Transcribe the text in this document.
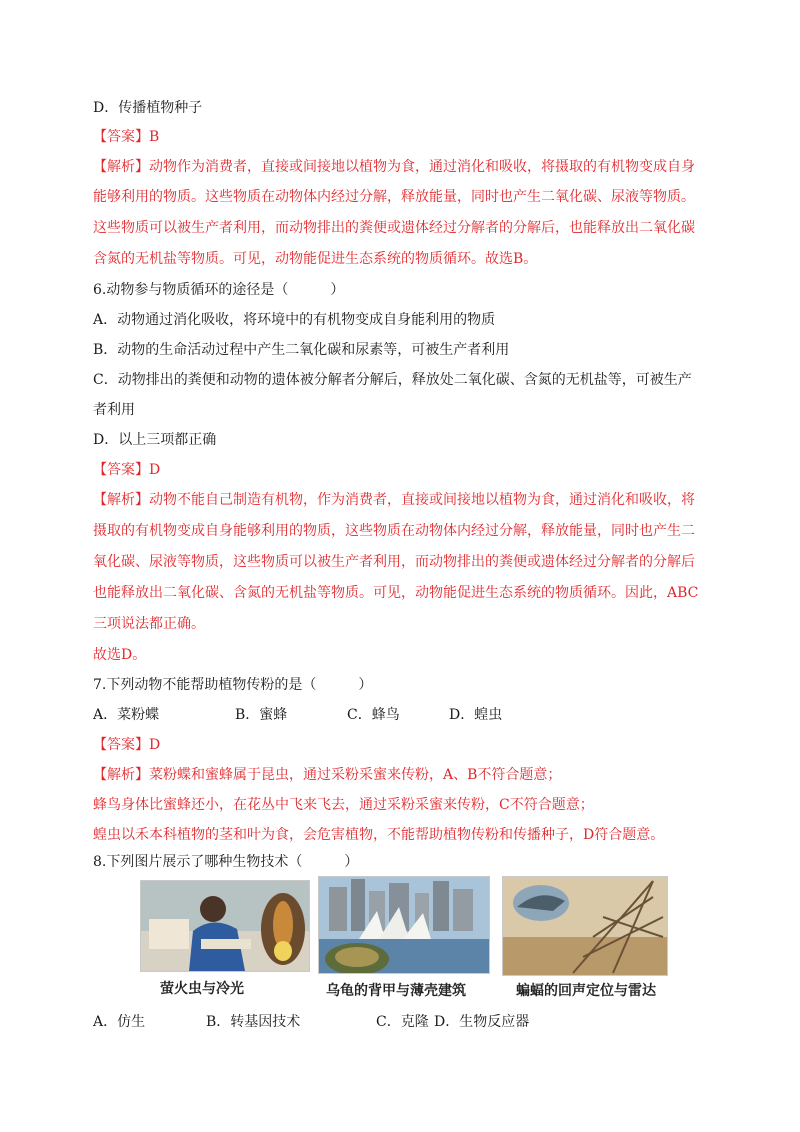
D．传播植物种子
【答案】B
【解析】动物作为消费者，直接或间接地以植物为食，通过消化和吸收，将摄取的有机物变成自身
能够利用的物质。这些物质在动物体内经过分解，释放能量，同时也产生二氧化碳、尿液等物质。
这些物质可以被生产者利用，而动物排出的粪便或遗体经过分解者的分解后，也能释放出二氧化碳
含氮的无机盐等物质。可见，动物能促进生态系统的物质循环。故选B。
6.动物参与物质循环的途径是（　　　）
A．动物通过消化吸收，将环境中的有机物变成自身能利用的物质
B．动物的生命活动过程中产生二氧化碳和尿素等，可被生产者利用
C．动物排出的粪便和动物的遗体被分解者分解后，释放处二氧化碳、含氮的无机盐等，可被生产
者利用
D．以上三项都正确
【答案】D
【解析】动物不能自己制造有机物，作为消费者，直接或间接地以植物为食，通过消化和吸收，将
摄取的有机物变成自身能够利用的物质，这些物质在动物体内经过分解，释放能量，同时也产生二
氧化碳、尿液等物质，这些物质可以被生产者利用，而动物排出的粪便或遗体经过分解者的分解后
也能释放出二氧化碳、含氮的无机盐等物质。可见，动物能促进生态系统的物质循环。因此，ABC
三项说法都正确。
故选D。
7.下列动物不能帮助植物传粉的是（　　　）
A．菜粉蝶	B．蜜蜂	C．蜂鸟	D．蝗虫
【答案】D
【解析】菜粉蝶和蜜蜂属于昆虫，通过采粉采蜜来传粉，A、B不符合题意；
蜂鸟身体比蜜蜂还小，在花丛中飞来飞去，通过采粉采蜜来传粉，C不符合题意；
蝗虫以禾本科植物的茎和叶为食，会危害植物，不能帮助植物传粉和传播种子，D符合题意。
8.下列图片展示了哪种生物技术（　　　）
萤火虫与冷光	乌龟的背甲与薄壳建筑	蝙蝠的回声定位与雷达
A．仿生	B．转基因技术	C．克隆 D．生物反应器
